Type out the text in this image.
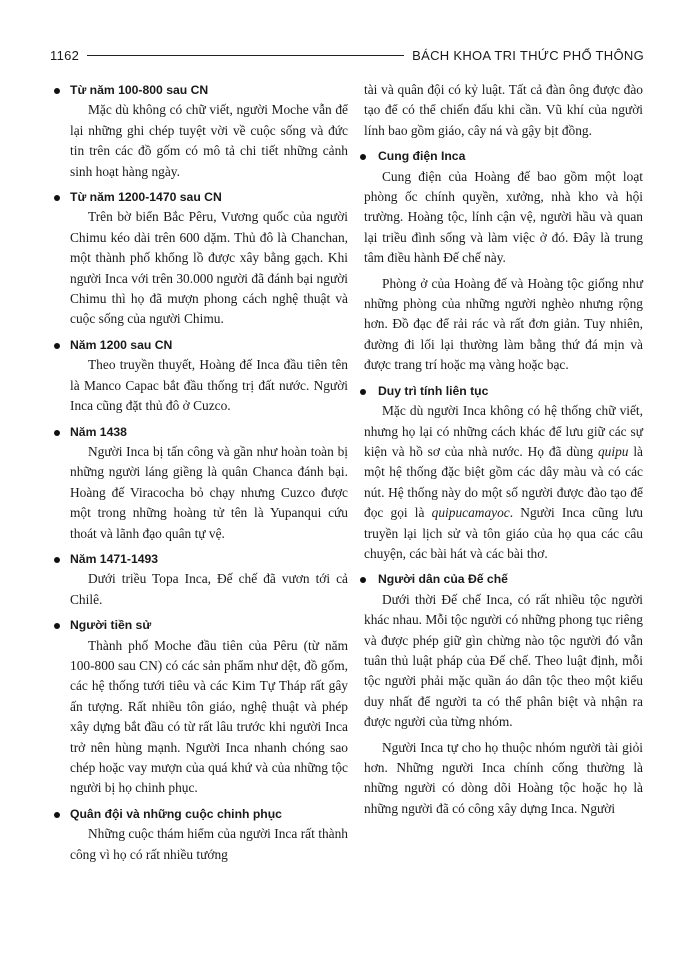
1162	BÁCH KHOA TRI THỨC PHỔ THÔNG
Từ năm 100-800 sau CN

Mặc dù không có chữ viết, người Moche vẫn để lại những ghi chép tuyệt vời về cuộc sống và đức tin trên các đồ gốm có mô tả chi tiết những cảnh sinh hoạt hàng ngày.

Từ năm 1200-1470 sau CN

Trên bờ biển Bắc Pêru, Vương quốc của người Chimu kéo dài trên 600 dặm. Thủ đô là Chanchan, một thành phố khổng lồ được xây bằng gạch. Khi người Inca với trên 30.000 người đã đánh bại người Chimu thì họ đã mượn phong cách nghệ thuật và cuộc sống của người Chimu.

Năm 1200 sau CN

Theo truyền thuyết, Hoàng đế Inca đầu tiên tên là Manco Capac bắt đầu thống trị đất nước. Người Inca cũng đặt thủ đô ở Cuzco.

Năm 1438

Người Inca bị tấn công và gần như hoàn toàn bị những người láng giềng là quân Chanca đánh bại. Hoàng đế Viracocha bỏ chạy nhưng Cuzco được một trong những hoàng tử tên là Yupanqui cứu thoát và lãnh đạo quân tự vệ.

Năm 1471-1493

Dưới triều Topa Inca, Đế chế đã vươn tới cả Chilê.

Người tiền sử

Thành phố Moche đầu tiên của Pêru (từ năm 100-800 sau CN) có các sản phẩm như dệt, đồ gốm, các hệ thống tưới tiêu và các Kim Tự Tháp rất gây ấn tượng. Rất nhiều tôn giáo, nghệ thuật và phép xây dựng bắt đầu có từ rất lâu trước khi người Inca trở nên hùng mạnh. Người Inca nhanh chóng sao chép hoặc vay mượn của quá khứ và của những tộc người bị họ chinh phục.

Quân đội và những cuộc chinh phục

Những cuộc thám hiểm của người Inca rất thành công vì họ có rất nhiều tướng

tài và quân đội có kỷ luật. Tất cả đàn ông được đào tạo để có thể chiến đấu khi cần. Vũ khí của người lính bao gồm giáo, cây ná và gậy bịt đồng.

Cung điện Inca

Cung điện của Hoàng đế bao gồm một loạt phòng ốc chính quyền, xưởng, nhà kho và hội trường. Hoàng tộc, lính cận vệ, người hầu và quan lại triều đình sống và làm việc ở đó. Đây là trung tâm điều hành Đế chế này.

Phòng ở của Hoàng đế và Hoàng tộc giống như những phòng của những người nghèo nhưng rộng hơn. Đồ đạc để rải rác và rất đơn giản. Tuy nhiên, đường đi lối lại thường làm bằng thứ đá mịn và được trang trí hoặc mạ vàng hoặc bạc.

Duy trì tính liên tục

Mặc dù người Inca không có hệ thống chữ viết, nhưng họ lại có những cách khác để lưu giữ các sự kiện và hồ sơ của nhà nước. Họ đã dùng quipu là một hệ thống đặc biệt gồm các dây màu và có các nút. Hệ thống này do một số người được đào tạo để đọc gọi là quipucamayoc. Người Inca cũng lưu truyền lại lịch sử và tôn giáo của họ qua các câu chuyện, các bài hát và các bài thơ.

Người dân của Đế chế

Dưới thời Đế chế Inca, có rất nhiều tộc người khác nhau. Mỗi tộc người có những phong tục riêng và được phép giữ gìn chừng nào tộc người đó vẫn tuân thủ luật pháp của Đế chế. Theo luật định, mỗi tộc người phải mặc quần áo dân tộc theo một kiểu duy nhất để người ta có thể phân biệt và nhận ra được người của từng nhóm.

Người Inca tự cho họ thuộc nhóm người tài giỏi hơn. Những người Inca chính cống thường là những người có dòng dõi Hoàng tộc hoặc họ là những người đã có công xây dựng Inca. Người
